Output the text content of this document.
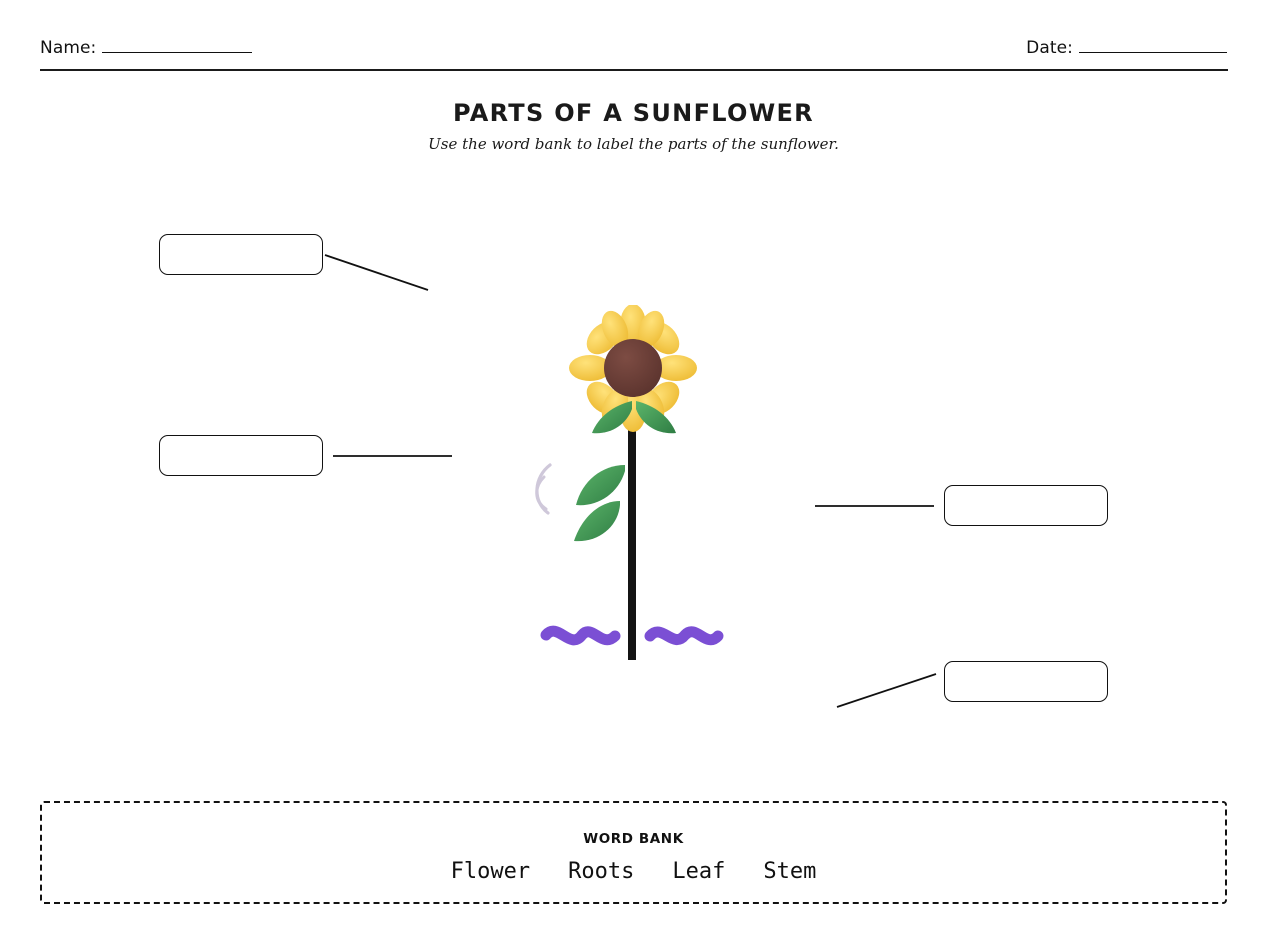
Name:	Date:
PARTS OF A SUNFLOWER
Use the word bank to label the parts of the sunflower.
WORD BANK
Flower Roots Leaf Stem
